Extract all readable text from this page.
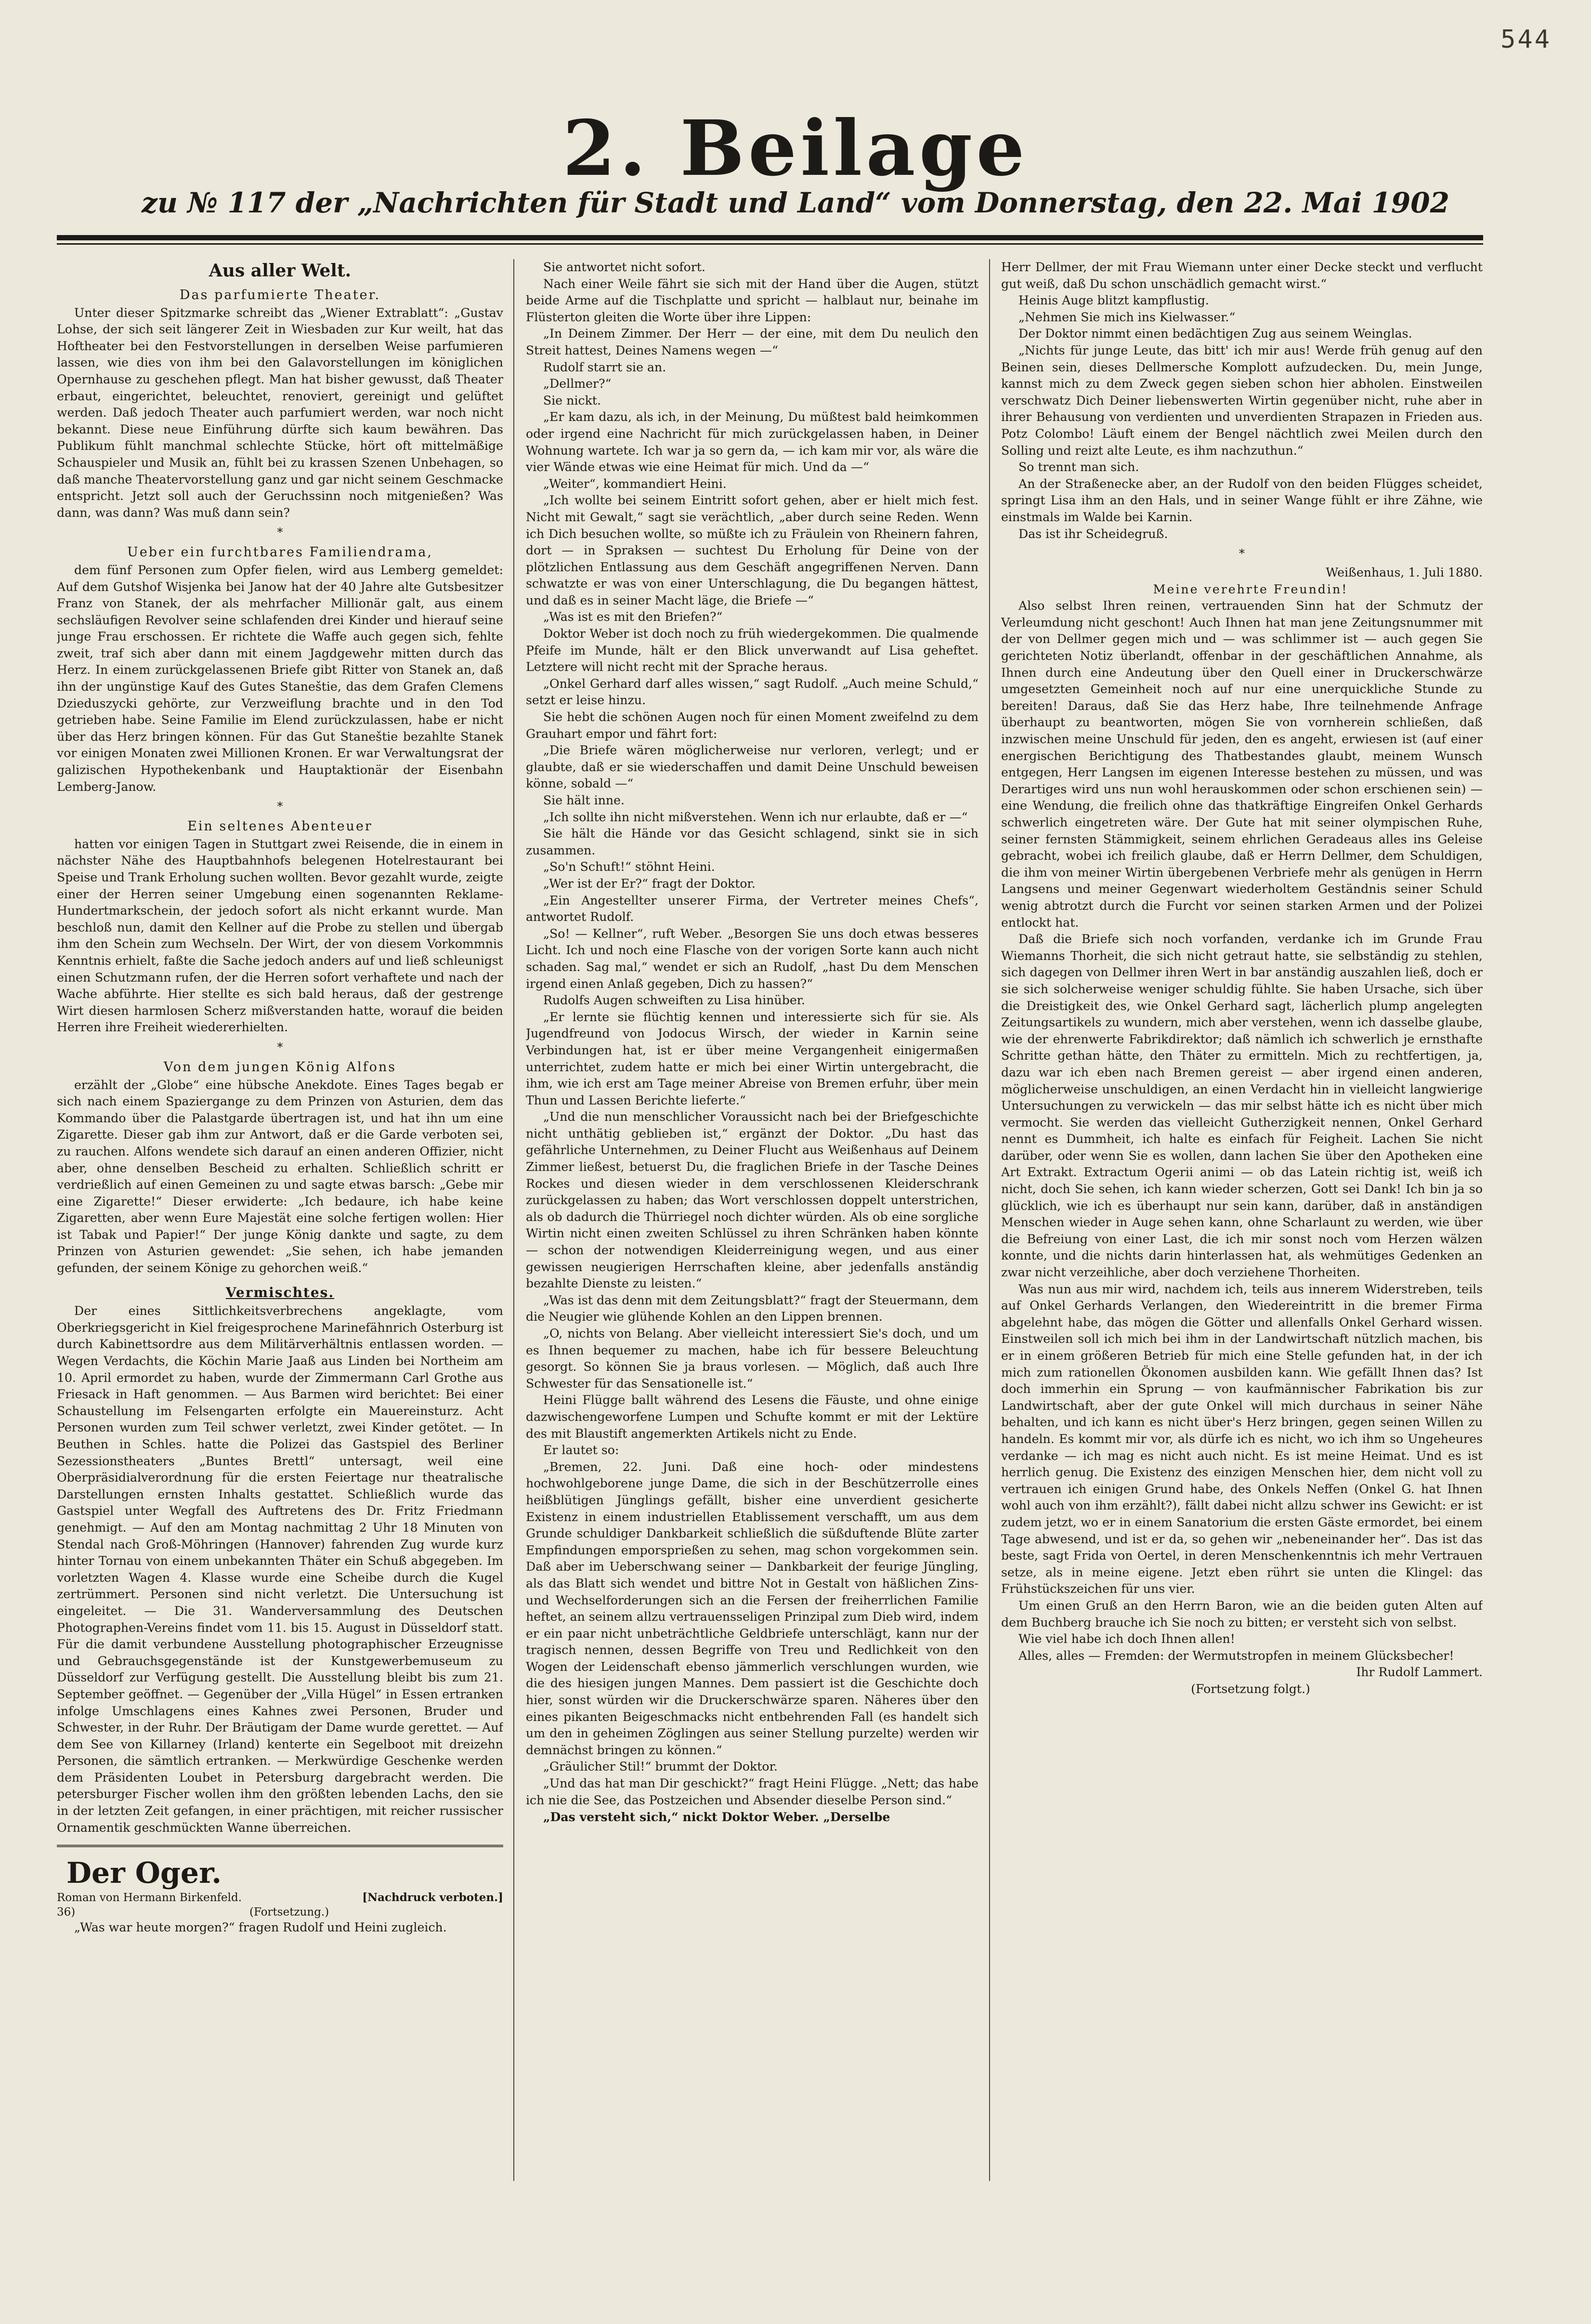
544
2. Beilage
zu № 117 der „Nachrichten für Stadt und Land“ vom Donnerstag, den 22. Mai 1902
Aus aller Welt.
Das parfumierte Theater.

Unter dieser Spitzmarke schreibt das „Wiener Extrablatt“: „Gustav Lohse, der sich seit längerer Zeit in Wiesbaden zur Kur weilt, hat das Hoftheater bei den Festvorstellungen in derselben Weise parfumieren lassen, wie dies von ihm bei den Galavorstellungen im königlichen Opernhause zu geschehen pflegt. Man hat bisher gewusst, daß Theater erbaut, eingerichtet, beleuchtet, renoviert, gereinigt und gelüftet werden. Daß jedoch Theater auch parfumiert werden, war noch nicht bekannt. Diese neue Einführung dürfte sich kaum bewähren. Das Publikum fühlt manchmal schlechte Stücke, hört oft mittelmäßige Schauspieler und Musik an, fühlt bei zu krassen Szenen Unbehagen, so daß manche Theatervorstellung ganz und gar nicht seinem Geschmacke entspricht. Jetzt soll auch der Geruchssinn noch mitgenießen? Was dann, was dann? Was muß dann sein?

*
Ueber ein furchtbares Familiendrama,

dem fünf Personen zum Opfer fielen, wird aus Lemberg gemeldet: Auf dem Gutshof Wisjenka bei Janow hat der 40 Jahre alte Gutsbesitzer Franz von Stanek, der als mehrfacher Millionär galt, aus einem sechsläufigen Revolver seine schlafenden drei Kinder und hierauf seine junge Frau erschossen. Er richtete die Waffe auch gegen sich, fehlte zweit, traf sich aber dann mit einem Jagdgewehr mitten durch das Herz. In einem zurückgelassenen Briefe gibt Ritter von Stanek an, daß ihn der ungünstige Kauf des Gutes Staneštie, das dem Grafen Clemens Dzieduszycki gehörte, zur Verzweiflung brachte und in den Tod getrieben habe. Seine Familie im Elend zurückzulassen, habe er nicht über das Herz bringen können. Für das Gut Staneštie bezahlte Stanek vor einigen Monaten zwei Millionen Kronen. Er war Verwaltungsrat der galizischen Hypothekenbank und Hauptaktionär der Eisenbahn Lemberg-Janow.

*
Ein seltenes Abenteuer

hatten vor einigen Tagen in Stuttgart zwei Reisende, die in einem in nächster Nähe des Hauptbahnhofs belegenen Hotelrestaurant bei Speise und Trank Erholung suchen wollten. Bevor gezahlt wurde, zeigte einer der Herren seiner Umgebung einen sogenannten Reklame-Hundertmarkschein, der jedoch sofort als nicht erkannt wurde. Man beschloß nun, damit den Kellner auf die Probe zu stellen und übergab ihm den Schein zum Wechseln. Der Wirt, der von diesem Vorkommnis Kenntnis erhielt, faßte die Sache jedoch anders auf und ließ schleunigst einen Schutzmann rufen, der die Herren sofort verhaftete und nach der Wache abführte. Hier stellte es sich bald heraus, daß der gestrenge Wirt diesen harmlosen Scherz mißverstanden hatte, worauf die beiden Herren ihre Freiheit wiedererhielten.

*
Von dem jungen König Alfons

erzählt der „Globe“ eine hübsche Anekdote. Eines Tages begab er sich nach einem Spaziergange zu dem Prinzen von Asturien, dem das Kommando über die Palastgarde übertragen ist, und hat ihn um eine Zigarette. Dieser gab ihm zur Antwort, daß er die Garde verboten sei, zu rauchen. Alfons wendete sich darauf an einen anderen Offizier, nicht aber, ohne denselben Bescheid zu erhalten. Schließlich schritt er verdrießlich auf einen Gemeinen zu und sagte etwas barsch: „Gebe mir eine Zigarette!“ Dieser erwiderte: „Ich bedaure, ich habe keine Zigaretten, aber wenn Eure Majestät eine solche fertigen wollen: Hier ist Tabak und Papier!“ Der junge König dankte und sagte, zu dem Prinzen von Asturien gewendet: „Sie sehen, ich habe jemanden gefunden, der seinem Könige zu gehorchen weiß.“

Vermischtes.

Der eines Sittlichkeitsverbrechens angeklagte, vom Oberkriegsgericht in Kiel freigesprochene Marinefähnrich Osterburg ist durch Kabinettsordre aus dem Militärverhältnis entlassen worden. — Wegen Verdachts, die Köchin Marie Jaaß aus Linden bei Northeim am 10. April ermordet zu haben, wurde der Zimmermann Carl Grothe aus Friesack in Haft genommen. — Aus Barmen wird berichtet: Bei einer Schaustellung im Felsengarten erfolgte ein Mauereinsturz. Acht Personen wurden zum Teil schwer verletzt, zwei Kinder getötet. — In Beuthen in Schles. hatte die Polizei das Gastspiel des Berliner Sezessionstheaters „Buntes Brettl“ untersagt, weil eine Oberpräsidialverordnung für die ersten Feiertage nur theatralische Darstellungen ernsten Inhalts gestattet. Schließlich wurde das Gastspiel unter Wegfall des Auftretens des Dr. Fritz Friedmann genehmigt. — Auf den am Montag nachmittag 2 Uhr 18 Minuten von Stendal nach Groß-Möhringen (Hannover) fahrenden Zug wurde kurz hinter Tornau von einem unbekannten Thäter ein Schuß abgegeben. Im vorletzten Wagen 4. Klasse wurde eine Scheibe durch die Kugel zertrümmert. Personen sind nicht verletzt. Die Untersuchung ist eingeleitet. — Die 31. Wanderversammlung des Deutschen Photographen-Vereins findet vom 11. bis 15. August in Düsseldorf statt. Für die damit verbundene Ausstellung photographischer Erzeugnisse und Gebrauchsgegenstände ist der Kunstgewerbemuseum zu Düsseldorf zur Verfügung gestellt. Die Ausstellung bleibt bis zum 21. September geöffnet. — Gegenüber der „Villa Hügel“ in Essen ertranken infolge Umschlagens eines Kahnes zwei Personen, Bruder und Schwester, in der Ruhr. Der Bräutigam der Dame wurde gerettet. — Auf dem See von Killarney (Irland) kenterte ein Segelboot mit dreizehn Personen, die sämtlich ertranken. — Merkwürdige Geschenke werden dem Präsidenten Loubet in Petersburg dargebracht werden. Die petersburger Fischer wollen ihm den größten lebenden Lachs, den sie in der letzten Zeit gefangen, in einer prächtigen, mit reicher russischer Ornamentik geschmückten Wanne überreichen.

Der Oger.
Roman von Hermann Birkenfeld.	[Nachdruck verboten.]
36)	(Fortsetzung.)

„Was war heute morgen?“ fragen Rudolf und Heini zugleich.

Sie antwortet nicht sofort.

Nach einer Weile fährt sie sich mit der Hand über die Augen, stützt beide Arme auf die Tischplatte und spricht — halblaut nur, beinahe im Flüsterton gleiten die Worte über ihre Lippen:

„In Deinem Zimmer. Der Herr — der eine, mit dem Du neulich den Streit hattest, Deines Namens wegen —“

Rudolf starrt sie an.

„Dellmer?“

Sie nickt.

„Er kam dazu, als ich, in der Meinung, Du müßtest bald heimkommen oder irgend eine Nachricht für mich zurückgelassen haben, in Deiner Wohnung wartete. Ich war ja so gern da, — ich kam mir vor, als wäre die vier Wände etwas wie eine Heimat für mich. Und da —“

„Weiter“, kommandiert Heini.

„Ich wollte bei seinem Eintritt sofort gehen, aber er hielt mich fest. Nicht mit Gewalt,“ sagt sie verächtlich, „aber durch seine Reden. Wenn ich Dich besuchen wollte, so müßte ich zu Fräulein von Rheinern fahren, dort — in Spraksen — suchtest Du Erholung für Deine von der plötzlichen Entlassung aus dem Geschäft angegriffenen Nerven. Dann schwatzte er was von einer Unterschlagung, die Du begangen hättest, und daß es in seiner Macht läge, die Briefe —“

„Was ist es mit den Briefen?“

Doktor Weber ist doch noch zu früh wiedergekommen. Die qualmende Pfeife im Munde, hält er den Blick unverwandt auf Lisa geheftet. Letztere will nicht recht mit der Sprache heraus.

„Onkel Gerhard darf alles wissen,“ sagt Rudolf. „Auch meine Schuld,“ setzt er leise hinzu.

Sie hebt die schönen Augen noch für einen Moment zweifelnd zu dem Grauhart empor und fährt fort:

„Die Briefe wären möglicherweise nur verloren, verlegt; und er glaubte, daß er sie wiederschaffen und damit Deine Unschuld beweisen könne, sobald —“

Sie hält inne.

„Ich sollte ihn nicht mißverstehen. Wenn ich nur erlaubte, daß er —“

Sie hält die Hände vor das Gesicht schlagend, sinkt sie in sich zusammen.

„So'n Schuft!“ stöhnt Heini.

„Wer ist der Er?“ fragt der Doktor.

„Ein Angestellter unserer Firma, der Vertreter meines Chefs“, antwortet Rudolf.

„So! — Kellner“, ruft Weber. „Besorgen Sie uns doch etwas besseres Licht. Ich und noch eine Flasche von der vorigen Sorte kann auch nicht schaden. Sag mal,“ wendet er sich an Rudolf, „hast Du dem Menschen irgend einen Anlaß gegeben, Dich zu hassen?“

Rudolfs Augen schweiften zu Lisa hinüber.

„Er lernte sie flüchtig kennen und interessierte sich für sie. Als Jugendfreund von Jodocus Wirsch, der wieder in Karnin seine Verbindungen hat, ist er über meine Vergangenheit einigermaßen unterrichtet, zudem hatte er mich bei einer Wirtin untergebracht, die ihm, wie ich erst am Tage meiner Abreise von Bremen erfuhr, über mein Thun und Lassen Berichte lieferte.“

„Und die nun menschlicher Voraussicht nach bei der Briefgeschichte nicht unthätig geblieben ist,“ ergänzt der Doktor. „Du hast das gefährliche Unternehmen, zu Deiner Flucht aus Weißenhaus auf Deinem Zimmer ließest, betuerst Du, die fraglichen Briefe in der Tasche Deines Rockes und diesen wieder in dem verschlossenen Kleiderschrank zurückgelassen zu haben; das Wort verschlossen doppelt unterstrichen, als ob dadurch die Thürriegel noch dichter würden. Als ob eine sorgliche Wirtin nicht einen zweiten Schlüssel zu ihren Schränken haben könnte — schon der notwendigen Kleiderreinigung wegen, und aus einer gewissen neugierigen Herrschaften kleine, aber jedenfalls anständig bezahlte Dienste zu leisten.“

„Was ist das denn mit dem Zeitungsblatt?“ fragt der Steuermann, dem die Neugier wie glühende Kohlen an den Lippen brennen.

„O, nichts von Belang. Aber vielleicht interessiert Sie's doch, und um es Ihnen bequemer zu machen, habe ich für bessere Beleuchtung gesorgt. So können Sie ja braus vorlesen. — Möglich, daß auch Ihre Schwester für das Sensationelle ist.“

Heini Flügge ballt während des Lesens die Fäuste, und ohne einige dazwischengeworfene Lumpen und Schufte kommt er mit der Lektüre des mit Blaustift angemerkten Artikels nicht zu Ende.

Er lautet so:

„Bremen, 22. Juni. Daß eine hoch- oder mindestens hochwohlgeborene junge Dame, die sich in der Beschützerrolle eines heißblütigen Jünglings gefällt, bisher eine unverdient gesicherte Existenz in einem industriellen Etablissement verschafft, um aus dem Grunde schuldiger Dankbarkeit schließlich die süßduftende Blüte zarter Empfindungen emporsprießen zu sehen, mag schon vorgekommen sein. Daß aber im Ueberschwang seiner — Dankbarkeit der feurige Jüngling, als das Blatt sich wendet und bittre Not in Gestalt von häßlichen Zins- und Wechselforderungen sich an die Fersen der freiherrlichen Familie heftet, an seinem allzu vertrauensseligen Prinzipal zum Dieb wird, indem er ein paar nicht unbeträchtliche Geldbriefe unterschlägt, kann nur der tragisch nennen, dessen Begriffe von Treu und Redlichkeit von den Wogen der Leidenschaft ebenso jämmerlich verschlungen wurden, wie die des hiesigen jungen Mannes. Dem passiert ist die Geschichte doch hier, sonst würden wir die Druckerschwärze sparen. Näheres über den eines pikanten Beigeschmacks nicht entbehrenden Fall (es handelt sich um den in geheimen Zöglingen aus seiner Stellung purzelte) werden wir demnächst bringen zu können.“

„Gräulicher Stil!“ brummt der Doktor.

„Und das hat man Dir geschickt?“ fragt Heini Flügge. „Nett; das habe ich nie die See, das Postzeichen und Absender dieselbe Person sind.“

„Das versteht sich,“ nickt Doktor Weber. „Derselbe

Herr Dellmer, der mit Frau Wiemann unter einer Decke steckt und verflucht gut weiß, daß Du schon unschädlich gemacht wirst.“

Heinis Auge blitzt kampflustig.

„Nehmen Sie mich ins Kielwasser.“

Der Doktor nimmt einen bedächtigen Zug aus seinem Weinglas.

„Nichts für junge Leute, das bitt' ich mir aus! Werde früh genug auf den Beinen sein, dieses Dellmersche Komplott aufzudecken. Du, mein Junge, kannst mich zu dem Zweck gegen sieben schon hier abholen. Einstweilen verschwatz Dich Deiner liebenswerten Wirtin gegenüber nicht, ruhe aber in ihrer Behausung von verdienten und unverdienten Strapazen in Frieden aus. Potz Colombo! Läuft einem der Bengel nächtlich zwei Meilen durch den Solling und reizt alte Leute, es ihm nachzuthun.“

So trennt man sich.

An der Straßenecke aber, an der Rudolf von den beiden Flügges scheidet, springt Lisa ihm an den Hals, und in seiner Wange fühlt er ihre Zähne, wie einstmals im Walde bei Karnin.

Das ist ihr Scheidegruß.

*

Weißenhaus, 1. Juli 1880.

Meine verehrte Freundin!

Also selbst Ihren reinen, vertrauenden Sinn hat der Schmutz der Verleumdung nicht geschont! Auch Ihnen hat man jene Zeitungsnummer mit der von Dellmer gegen mich und — was schlimmer ist — auch gegen Sie gerichteten Notiz überlandt, offenbar in der geschäftlichen Annahme, als Ihnen durch eine Andeutung über den Quell einer in Druckerschwärze umgesetzten Gemeinheit noch auf nur eine unerquickliche Stunde zu bereiten! Daraus, daß Sie das Herz habe, Ihre teilnehmende Anfrage überhaupt zu beantworten, mögen Sie von vornherein schließen, daß inzwischen meine Unschuld für jeden, den es angeht, erwiesen ist (auf einer energischen Berichtigung des Thatbestandes glaubt, meinem Wunsch entgegen, Herr Langsen im eigenen Interesse bestehen zu müssen, und was Derartiges wird uns nun wohl herauskommen oder schon erschienen sein) — eine Wendung, die freilich ohne das thatkräftige Eingreifen Onkel Gerhards schwerlich eingetreten wäre. Der Gute hat mit seiner olympischen Ruhe, seiner fernsten Stämmigkeit, seinem ehrlichen Geradeaus alles ins Geleise gebracht, wobei ich freilich glaube, daß er Herrn Dellmer, dem Schuldigen, die ihm von meiner Wirtin übergebenen Verbriefe mehr als genügen in Herrn Langsens und meiner Gegenwart wiederholtem Geständnis seiner Schuld wenig abtrotzt durch die Furcht vor seinen starken Armen und der Polizei entlockt hat.

Daß die Briefe sich noch vorfanden, verdanke ich im Grunde Frau Wiemanns Thorheit, die sich nicht getraut hatte, sie selbständig zu stehlen, sich dagegen von Dellmer ihren Wert in bar anständig auszahlen ließ, doch er sie sich solcherweise weniger schuldig fühlte. Sie haben Ursache, sich über die Dreistigkeit des, wie Onkel Gerhard sagt, lächerlich plump angelegten Zeitungsartikels zu wundern, mich aber verstehen, wenn ich dasselbe glaube, wie der ehrenwerte Fabrikdirektor; daß nämlich ich schwerlich je ernsthafte Schritte gethan hätte, den Thäter zu ermitteln. Mich zu rechtfertigen, ja, dazu war ich eben nach Bremen gereist — aber irgend einen anderen, möglicherweise unschuldigen, an einen Verdacht hin in vielleicht langwierige Untersuchungen zu verwickeln — das mir selbst hätte ich es nicht über mich vermocht. Sie werden das vielleicht Gutherzigkeit nennen, Onkel Gerhard nennt es Dummheit, ich halte es einfach für Feigheit. Lachen Sie nicht darüber, oder wenn Sie es wollen, dann lachen Sie über den Apotheken eine Art Extrakt. Extractum Ogerii animi — ob das Latein richtig ist, weiß ich nicht, doch Sie sehen, ich kann wieder scherzen, Gott sei Dank! Ich bin ja so glücklich, wie ich es überhaupt nur sein kann, darüber, daß in anständigen Menschen wieder in Auge sehen kann, ohne Scharlaunt zu werden, wie über die Befreiung von einer Last, die ich mir sonst noch vom Herzen wälzen konnte, und die nichts darin hinterlassen hat, als wehmütiges Gedenken an zwar nicht verzeihliche, aber doch verziehene Thorheiten.

Was nun aus mir wird, nachdem ich, teils aus innerem Widerstreben, teils auf Onkel Gerhards Verlangen, den Wiedereintritt in die bremer Firma abgelehnt habe, das mögen die Götter und allenfalls Onkel Gerhard wissen. Einstweilen soll ich mich bei ihm in der Landwirtschaft nützlich machen, bis er in einem größeren Betrieb für mich eine Stelle gefunden hat, in der ich mich zum rationellen Ökonomen ausbilden kann. Wie gefällt Ihnen das? Ist doch immerhin ein Sprung — von kaufmännischer Fabrikation bis zur Landwirtschaft, aber der gute Onkel will mich durchaus in seiner Nähe behalten, und ich kann es nicht über's Herz bringen, gegen seinen Willen zu handeln. Es kommt mir vor, als dürfe ich es nicht, wo ich ihm so Ungeheures verdanke — ich mag es nicht auch nicht. Es ist meine Heimat. Und es ist herrlich genug. Die Existenz des einzigen Menschen hier, dem nicht voll zu vertrauen ich einigen Grund habe, des Onkels Neffen (Onkel G. hat Ihnen wohl auch von ihm erzählt?), fällt dabei nicht allzu schwer ins Gewicht: er ist zudem jetzt, wo er in einem Sanatorium die ersten Gäste ermordet, bei einem Tage abwesend, und ist er da, so gehen wir „nebeneinander her“. Das ist das beste, sagt Frida von Oertel, in deren Menschenkenntnis ich mehr Vertrauen setze, als in meine eigene. Jetzt eben rührt sie unten die Klingel: das Frühstückszeichen für uns vier.

Um einen Gruß an den Herrn Baron, wie an die beiden guten Alten auf dem Buchberg brauche ich Sie noch zu bitten; er versteht sich von selbst.

Wie viel habe ich doch Ihnen allen!

Alles, alles — Fremden: der Wermutstropfen in meinem Glücksbecher!

Ihr Rudolf Lammert.

(Fortsetzung folgt.)
